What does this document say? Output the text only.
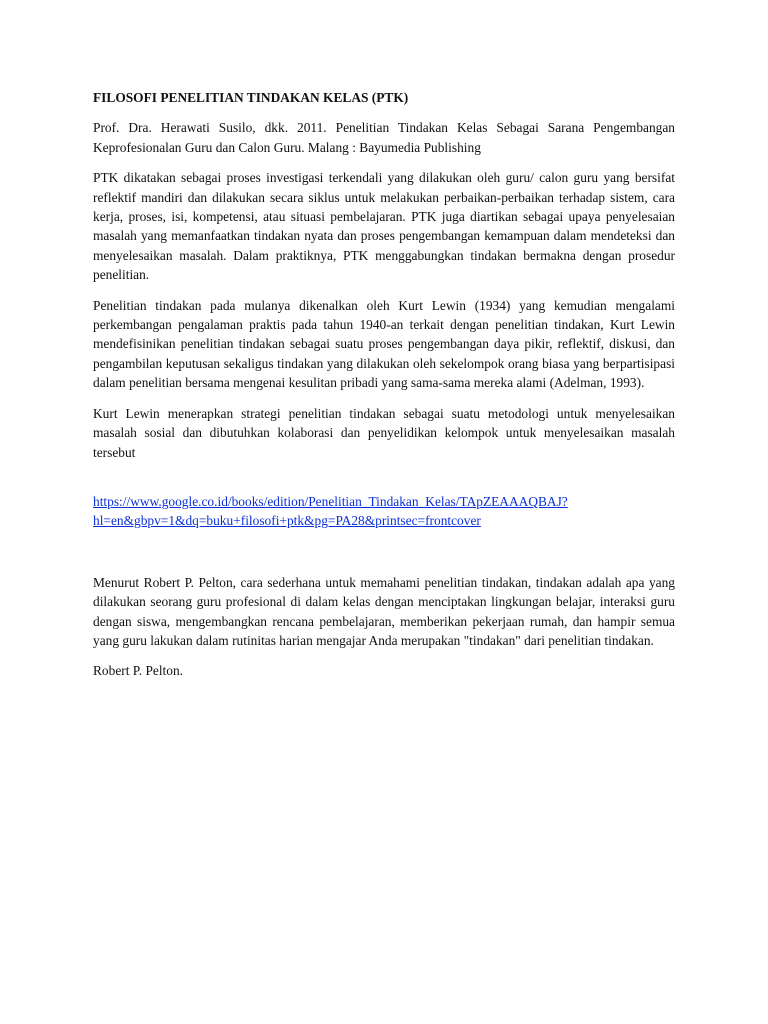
FILOSOFI PENELITIAN TINDAKAN KELAS (PTK)
Prof. Dra. Herawati Susilo, dkk. 2011. Penelitian Tindakan Kelas Sebagai Sarana Pengembangan Keprofesionalan Guru dan Calon Guru. Malang : Bayumedia Publishing
PTK dikatakan sebagai proses investigasi terkendali yang dilakukan oleh guru/ calon guru yang bersifat reflektif mandiri dan dilakukan secara siklus untuk melakukan perbaikan-perbaikan terhadap sistem, cara kerja, proses, isi, kompetensi, atau situasi pembelajaran. PTK juga diartikan sebagai upaya penyelesaian masalah yang memanfaatkan tindakan nyata dan proses pengembangan kemampuan dalam mendeteksi dan menyelesaikan masalah. Dalam praktiknya, PTK menggabungkan tindakan bermakna dengan prosedur penelitian.
Penelitian tindakan pada mulanya dikenalkan oleh Kurt Lewin (1934) yang kemudian mengalami perkembangan pengalaman praktis pada tahun 1940-an terkait dengan penelitian tindakan, Kurt Lewin mendefisinikan penelitian tindakan sebagai suatu proses pengembangan daya pikir, reflektif, diskusi, dan pengambilan keputusan sekaligus tindakan yang dilakukan oleh sekelompok orang biasa yang berpartisipasi dalam penelitian bersama mengenai kesulitan pribadi yang sama-sama mereka alami (Adelman, 1993).
Kurt Lewin menerapkan strategi penelitian tindakan sebagai suatu metodologi untuk menyelesaikan masalah sosial dan dibutuhkan kolaborasi dan penyelidikan kelompok untuk menyelesaikan masalah tersebut
https://www.google.co.id/books/edition/Penelitian_Tindakan_Kelas/TApZEAAAQBAJ?
hl=en&gbpv=1&dq=buku+filosofi+ptk&pg=PA28&printsec=frontcover
Menurut Robert P. Pelton, cara sederhana untuk memahami penelitian tindakan, tindakan adalah apa yang dilakukan seorang guru profesional di dalam kelas dengan menciptakan lingkungan belajar, interaksi guru dengan siswa, mengembangkan rencana pembelajaran, memberikan pekerjaan rumah, dan hampir semua yang guru lakukan dalam rutinitas harian mengajar Anda merupakan "tindakan" dari penelitian tindakan.
Robert P. Pelton.
